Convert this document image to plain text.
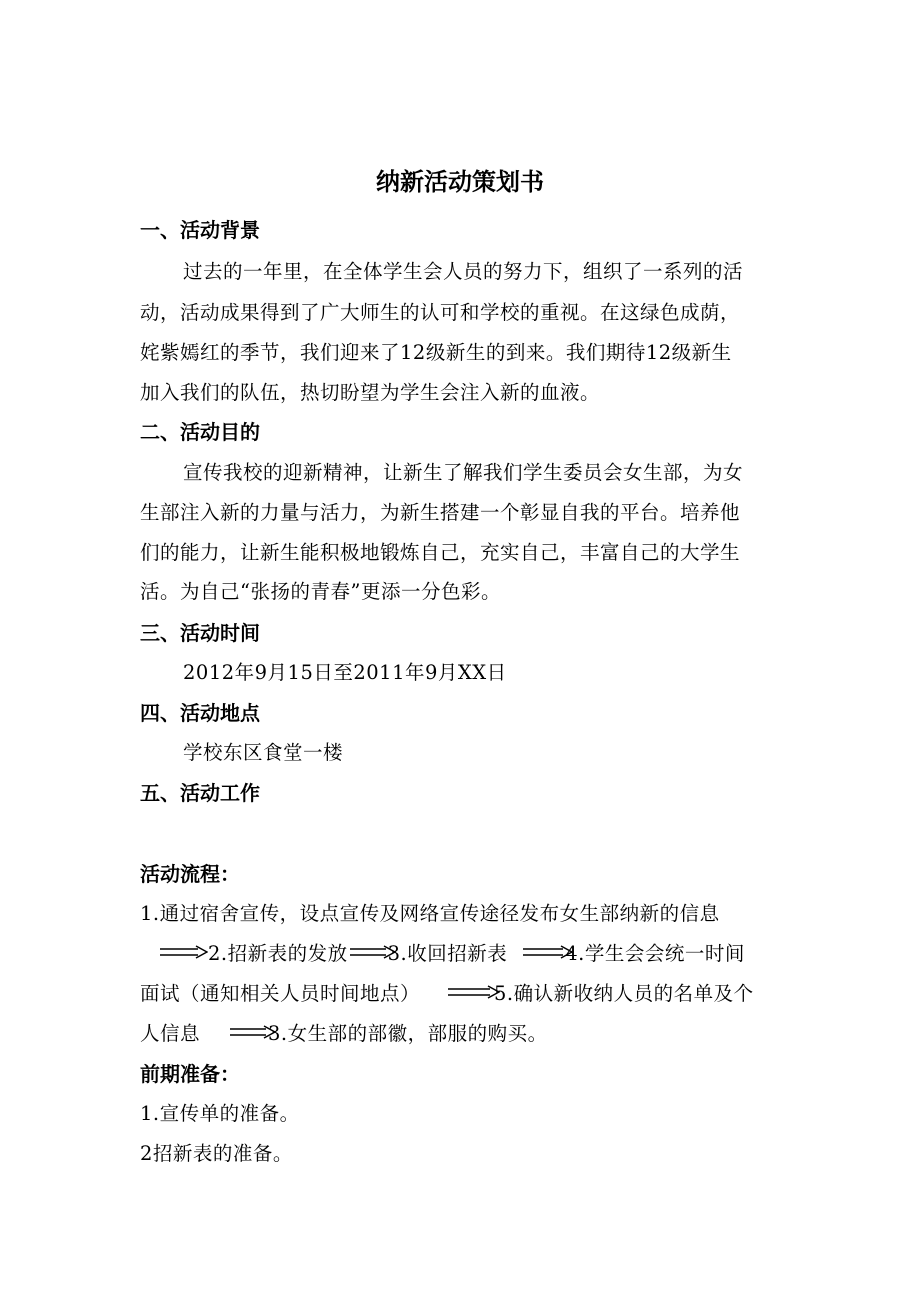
纳新活动策划书
一、活动背景
过去的一年里，在全体学生会人员的努力下，组织了一系列的活
动，活动成果得到了广大师生的认可和学校的重视。在这绿色成荫，
姹紫嫣红的季节，我们迎来了12级新生的到来。我们期待12级新生
加入我们的队伍，热切盼望为学生会注入新的血液。
二、活动目的
宣传我校的迎新精神，让新生了解我们学生委员会女生部，为女
生部注入新的力量与活力，为新生搭建一个彰显自我的平台。培养他
们的能力，让新生能积极地锻炼自己，充实自己，丰富自己的大学生
活。为自己“张扬的青春”更添一分色彩。
三、活动时间
2012年9月15日至2011年9月XX日
四、活动地点
学校东区食堂一楼
五、活动工作
活动流程：
1.通过宿舍宣传，设点宣传及网络宣传途径发布女生部纳新的信息
2.招新表的发放 3.收回招新表	4.学生会会统一时间
面试（通知相关人员时间地点）	5.确认新收纳人员的名单及个
人信息	3.女生部的部徽，部服的购买。
前期准备：
1.宣传单的准备。
2招新表的准备。
